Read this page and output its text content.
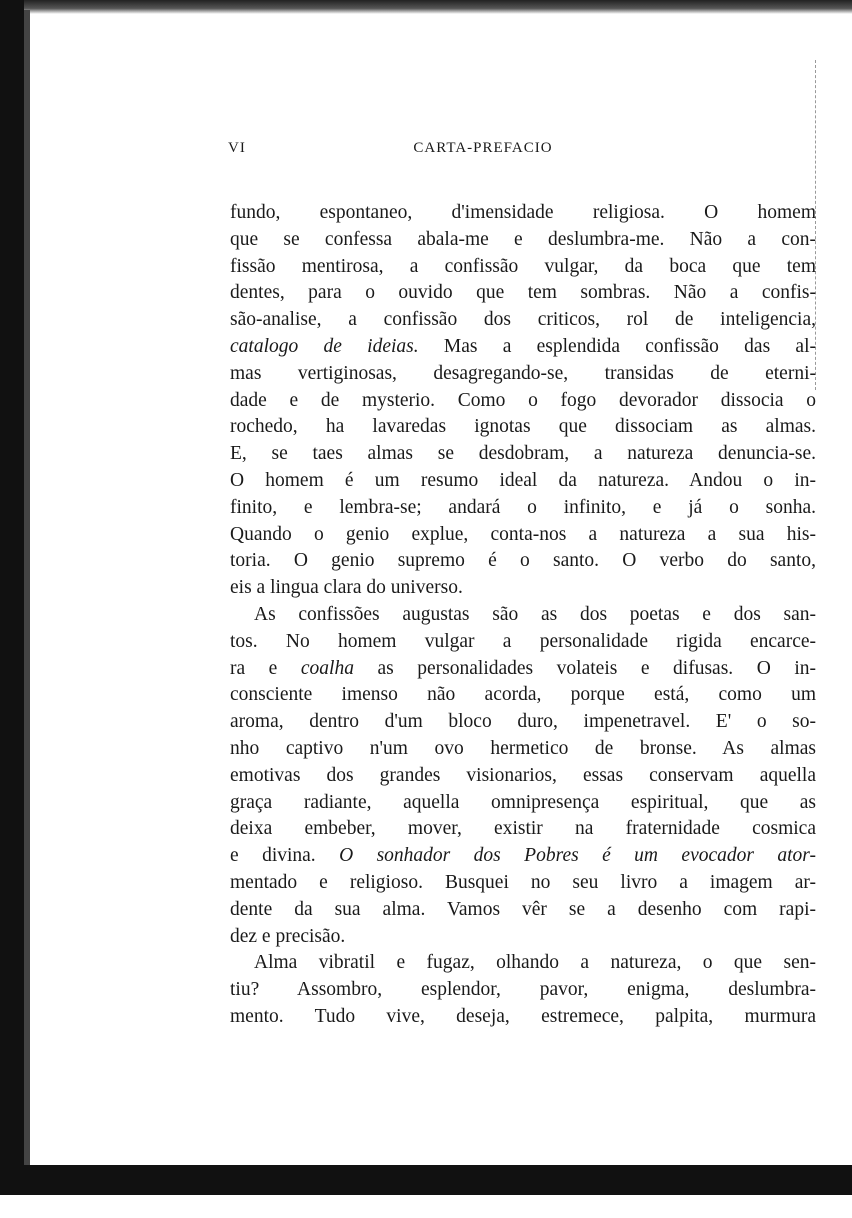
VI	CARTA-PREFACIO
fundo, espontaneo, d'imensidade religiosa. O homem
que se confessa abala-me e deslumbra-me. Não a con-
fissão mentirosa, a confissão vulgar, da boca que tem
dentes, para o ouvido que tem sombras. Não a confis-
são-analise, a confissão dos criticos, rol de inteligencia,
catalogo de ideias. Mas a esplendida confissão das al-
mas vertiginosas, desagregando-se, transidas de eterni-
dade e de mysterio. Como o fogo devorador dissocia o
rochedo, ha lavaredas ignotas que dissociam as almas.
E, se taes almas se desdobram, a natureza denuncia-se.
O homem é um resumo ideal da natureza. Andou o in-
finito, e lembra-se; andará o infinito, e já o sonha.
Quando o genio explue, conta-nos a natureza a sua his-
toria. O genio supremo é o santo. O verbo do santo,
eis a lingua clara do universo.
As confissões augustas são as dos poetas e dos san-
tos. No homem vulgar a personalidade rigida encarce-
ra e coalha as personalidades volateis e difusas. O in-
consciente imenso não acorda, porque está, como um
aroma, dentro d'um bloco duro, impenetravel. E' o so-
nho captivo n'um ovo hermetico de bronse. As almas
emotivas dos grandes visionarios, essas conservam aquella
graça radiante, aquella omnipresença espiritual, que as
deixa embeber, mover, existir na fraternidade cosmica
e divina. O sonhador dos Pobres é um evocador ator-
mentado e religioso. Busquei no seu livro a imagem ar-
dente da sua alma. Vamos vêr se a desenho com rapi-
dez e precisão.
Alma vibratil e fugaz, olhando a natureza, o que sen-
tiu? Assombro, esplendor, pavor, enigma, deslumbra-
mento. Tudo vive, deseja, estremece, palpita, murmura
